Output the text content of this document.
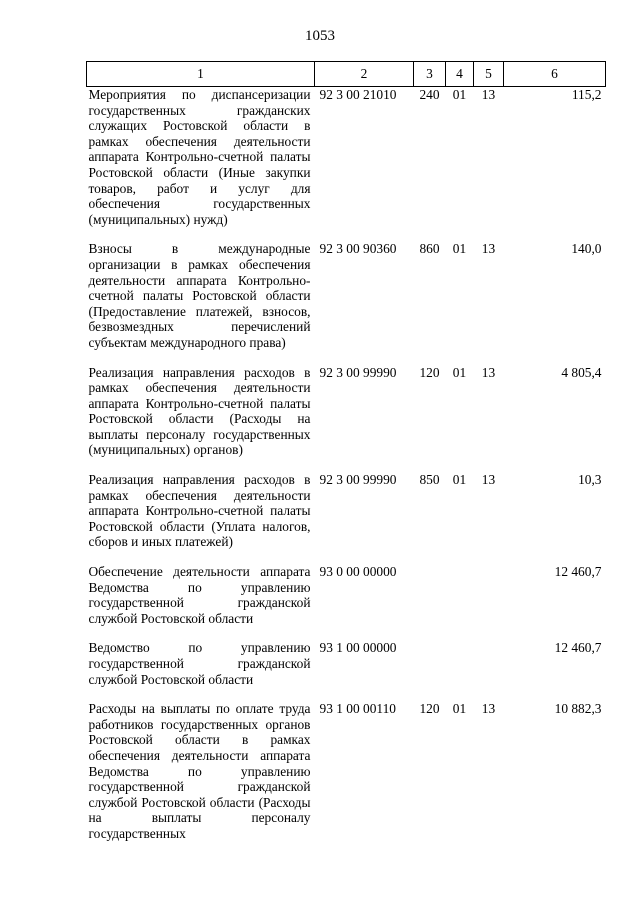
1053
1	2	3	4	5	6
Мероприятия по диспансеризации государственных гражданских служащих Ростовской области в рамках обеспечения деятельности аппарата Контрольно-счетной палаты Ростовской области (Иные закупки товаров, работ и услуг для обеспечения государственных (муниципальных) нужд)	92 3 00 21010	240	01	13	115,2
Взносы в международные организации в рамках обеспечения деятельности аппарата Контрольно-счетной палаты Ростовской области (Предоставление платежей, взносов, безвозмездных перечислений субъектам международного права)	92 3 00 90360	860	01	13	140,0
Реализация направления расходов в рамках обеспечения деятельности аппарата Контрольно-счетной палаты Ростовской области (Расходы на выплаты персоналу государственных (муниципальных) органов)	92 3 00 99990	120	01	13	4 805,4
Реализация направления расходов в рамках обеспечения деятельности аппарата Контрольно-счетной палаты Ростовской области (Уплата налогов, сборов и иных платежей)	92 3 00 99990	850	01	13	10,3
Обеспечение деятельности аппарата Ведомства по управлению государственной гражданской службой Ростовской области	93 0 00 00000				12 460,7
Ведомство по управлению государственной гражданской службой Ростовской области	93 1 00 00000				12 460,7
Расходы на выплаты по оплате труда работников государственных органов Ростовской области в рамках обеспечения деятельности аппарата Ведомства по управлению государственной гражданской службой Ростовской области (Расходы на выплаты персоналу государственных	93 1 00 00110	120	01	13	10 882,3
